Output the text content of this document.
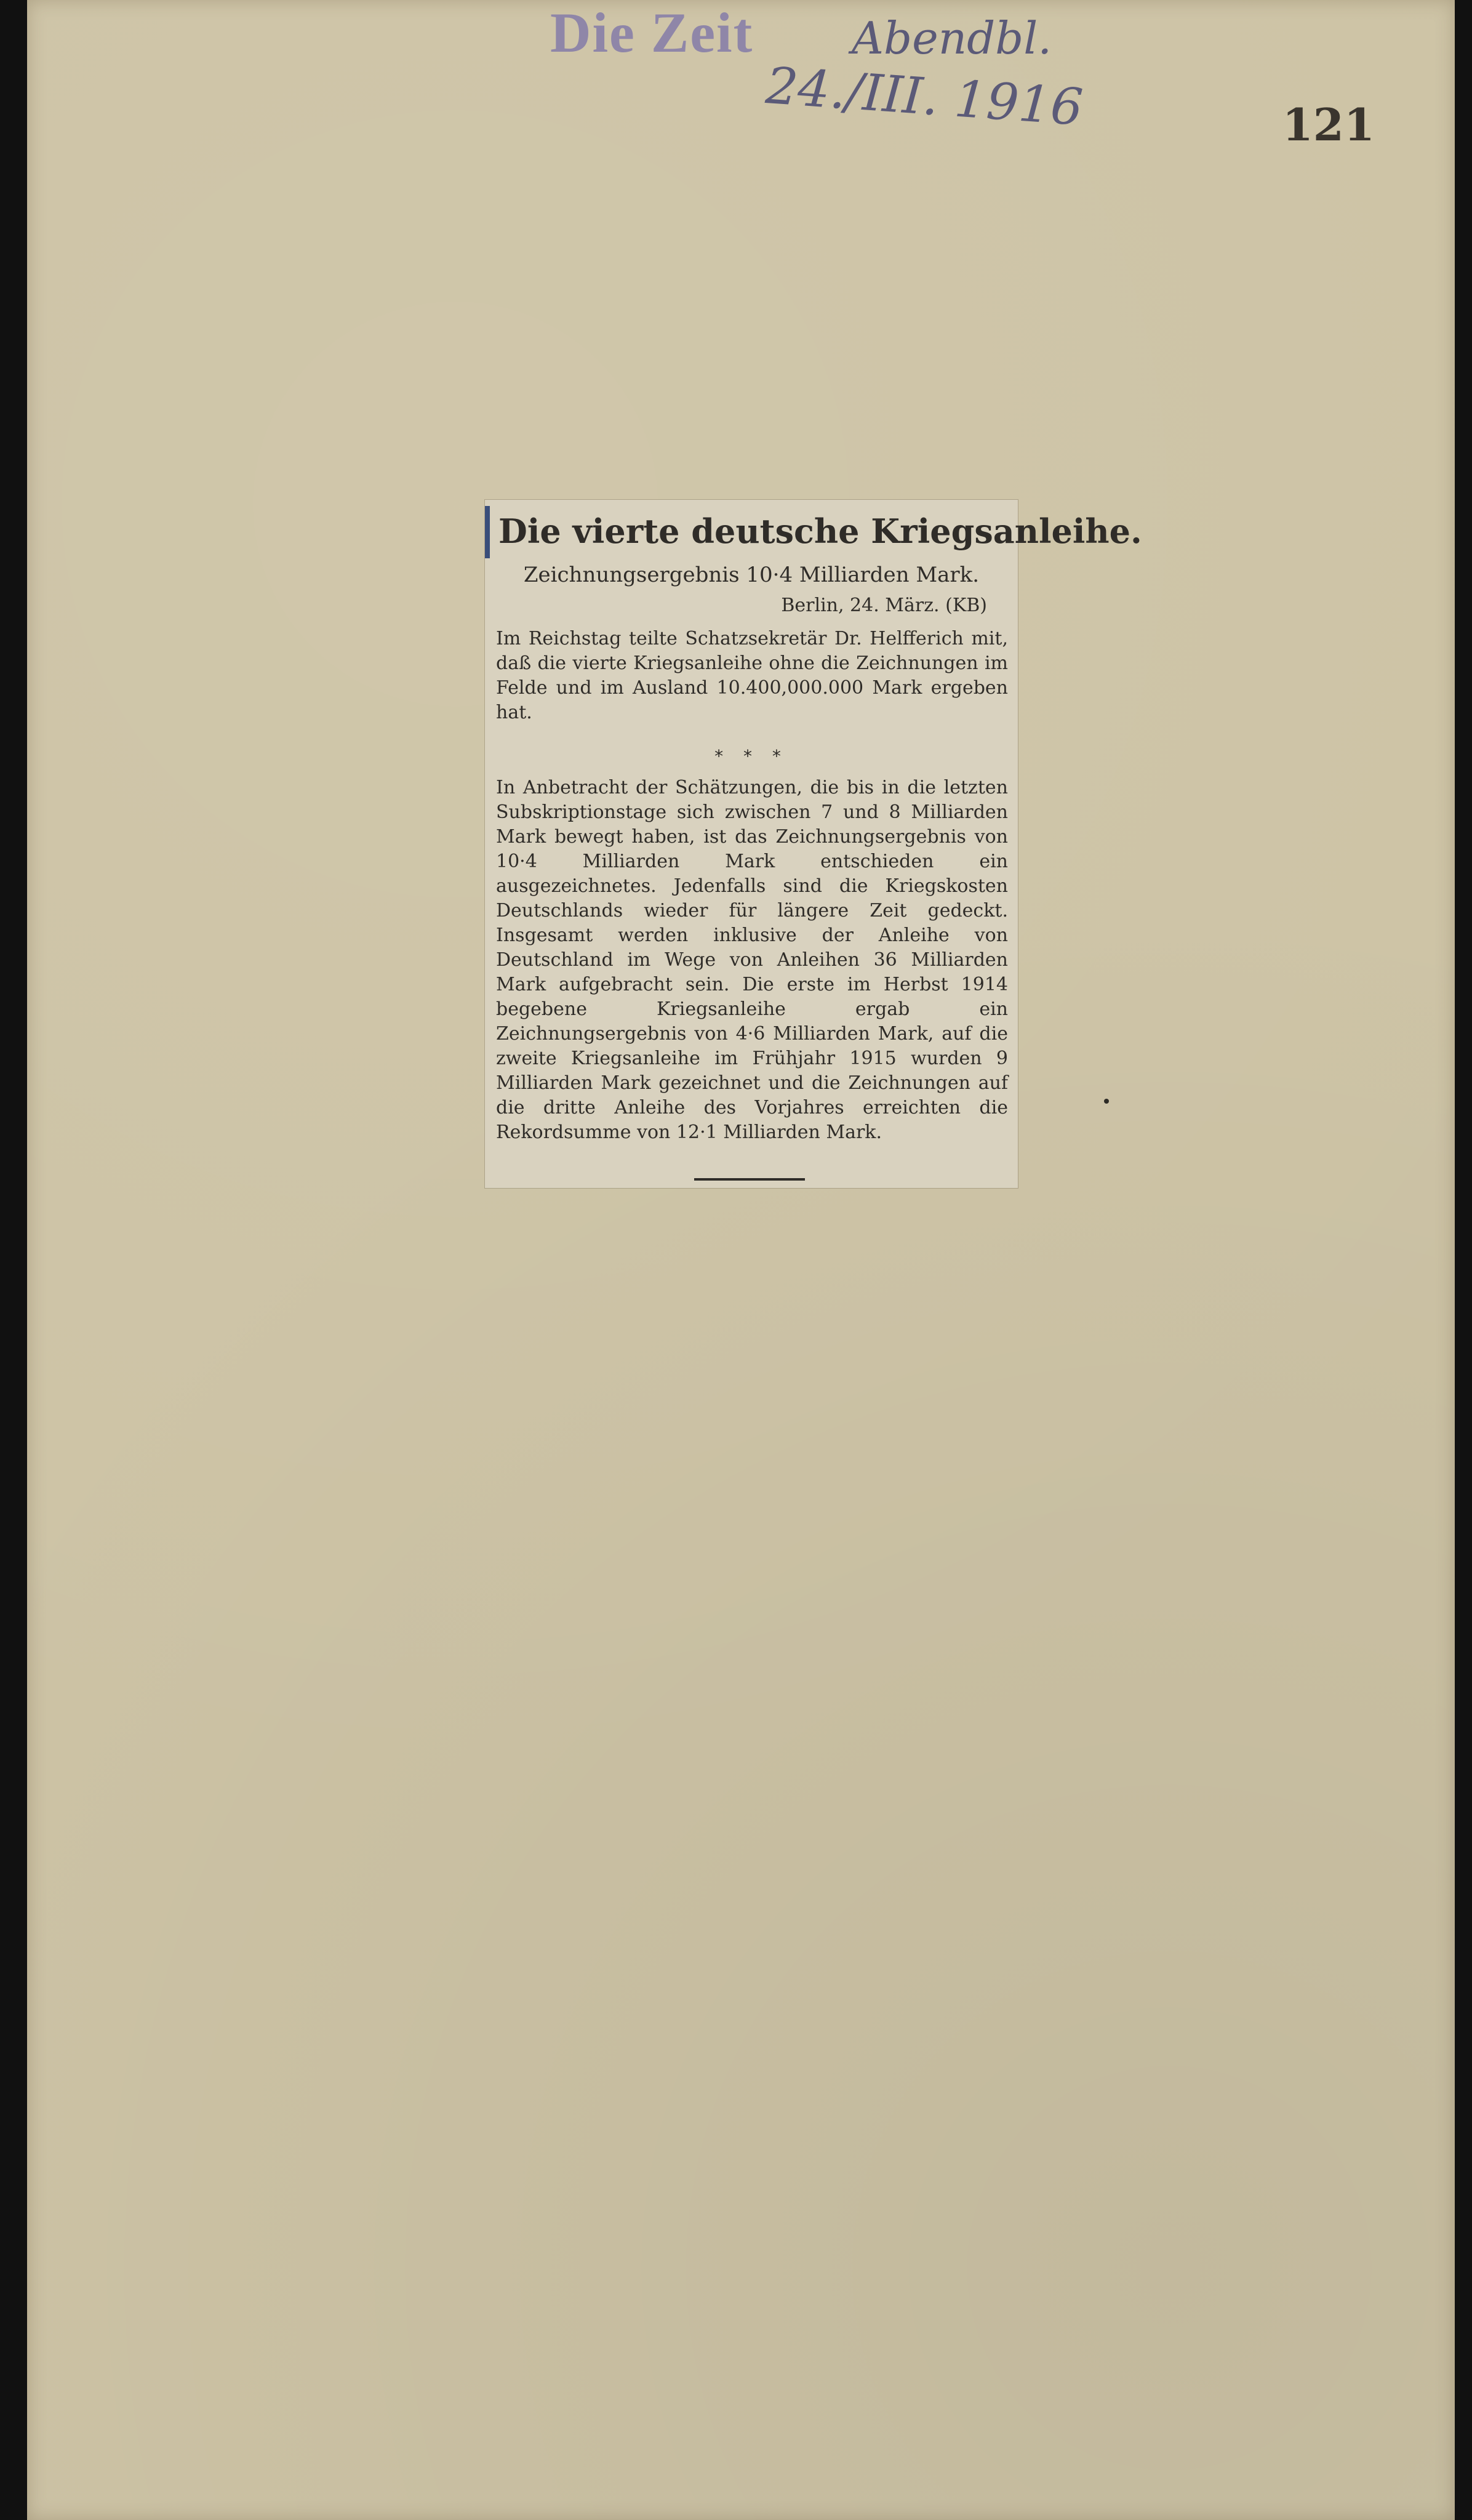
Die Zeit Abendbl.
24./III. 1916	121
Die vierte deutsche Kriegsanleihe.
Zeichnungsergebnis 10·4 Milliarden Mark.
Berlin, 24. März. (KB)

Im Reichstag teilte Schatzsekretär Dr. Helfferich mit, daß die vierte Kriegsanleihe ohne die Zeichnungen im Felde und im Ausland 10.400,000.000 Mark ergeben hat.

* * *

In Anbetracht der Schätzungen, die bis in die letzten Subskriptionstage sich zwischen 7 und 8 Milliarden Mark bewegt haben, ist das Zeichnungsergebnis von 10·4 Milliarden Mark entschieden ein ausgezeichnetes. Jedenfalls sind die Kriegskosten Deutschlands wieder für längere Zeit gedeckt. Insgesamt werden inklusive der Anleihe von Deutschland im Wege von Anleihen 36 Milliarden Mark aufgebracht sein. Die erste im Herbst 1914 begebene Kriegsanleihe ergab ein Zeichnungsergebnis von 4·6 Milliarden Mark, auf die zweite Kriegsanleihe im Frühjahr 1915 wurden 9 Milliarden Mark gezeichnet und die Zeichnungen auf die dritte Anleihe des Vorjahres erreichten die Rekordsumme von 12·1 Milliarden Mark.
